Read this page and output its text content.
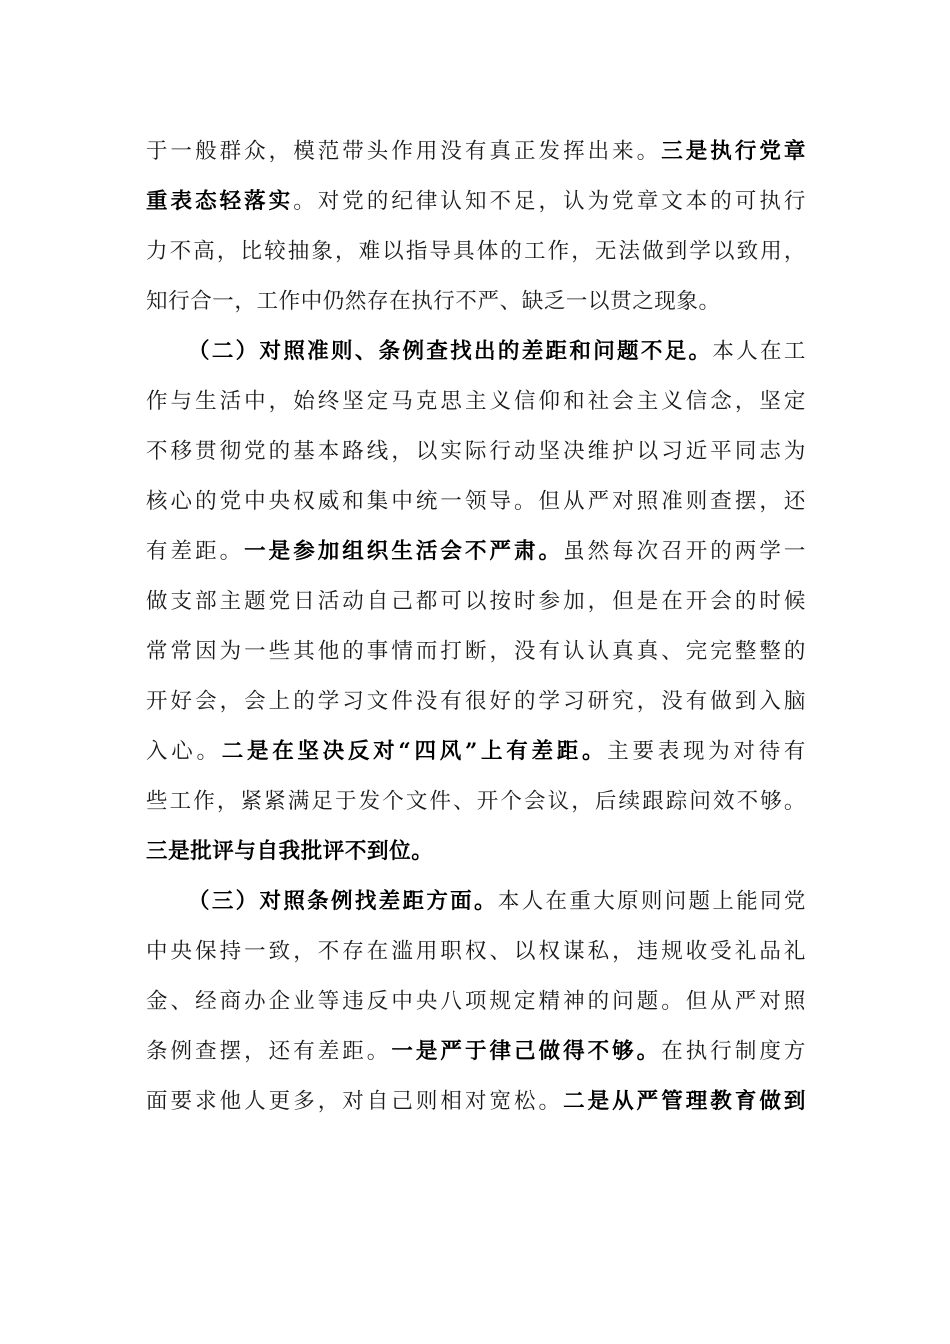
于一般群众，模范带头作用没有真正发挥出来。三是执行党章
重表态轻落实。对党的纪律认知不足，认为党章文本的可执行
力不高，比较抽象，难以指导具体的工作，无法做到学以致用，
知行合一，工作中仍然存在执行不严、缺乏一以贯之现象。
（二）对照准则、条例查找出的差距和问题不足。本人在工
作与生活中，始终坚定马克思主义信仰和社会主义信念，坚定
不移贯彻党的基本路线，以实际行动坚决维护以习近平同志为
核心的党中央权威和集中统一领导。但从严对照准则查摆，还
有差距。一是参加组织生活会不严肃。虽然每次召开的两学一
做支部主题党日活动自己都可以按时参加，但是在开会的时候
常常因为一些其他的事情而打断，没有认认真真、完完整整的
开好会，会上的学习文件没有很好的学习研究，没有做到入脑
入心。二是在坚决反对“四风”上有差距。主要表现为对待有
些工作，紧紧满足于发个文件、开个会议，后续跟踪问效不够。
三是批评与自我批评不到位。
（三）对照条例找差距方面。本人在重大原则问题上能同党
中央保持一致，不存在滥用职权、以权谋私，违规收受礼品礼
金、经商办企业等违反中央八项规定精神的问题。但从严对照
条例查摆，还有差距。一是严于律己做得不够。在执行制度方
面要求他人更多，对自己则相对宽松。二是从严管理教育做到
